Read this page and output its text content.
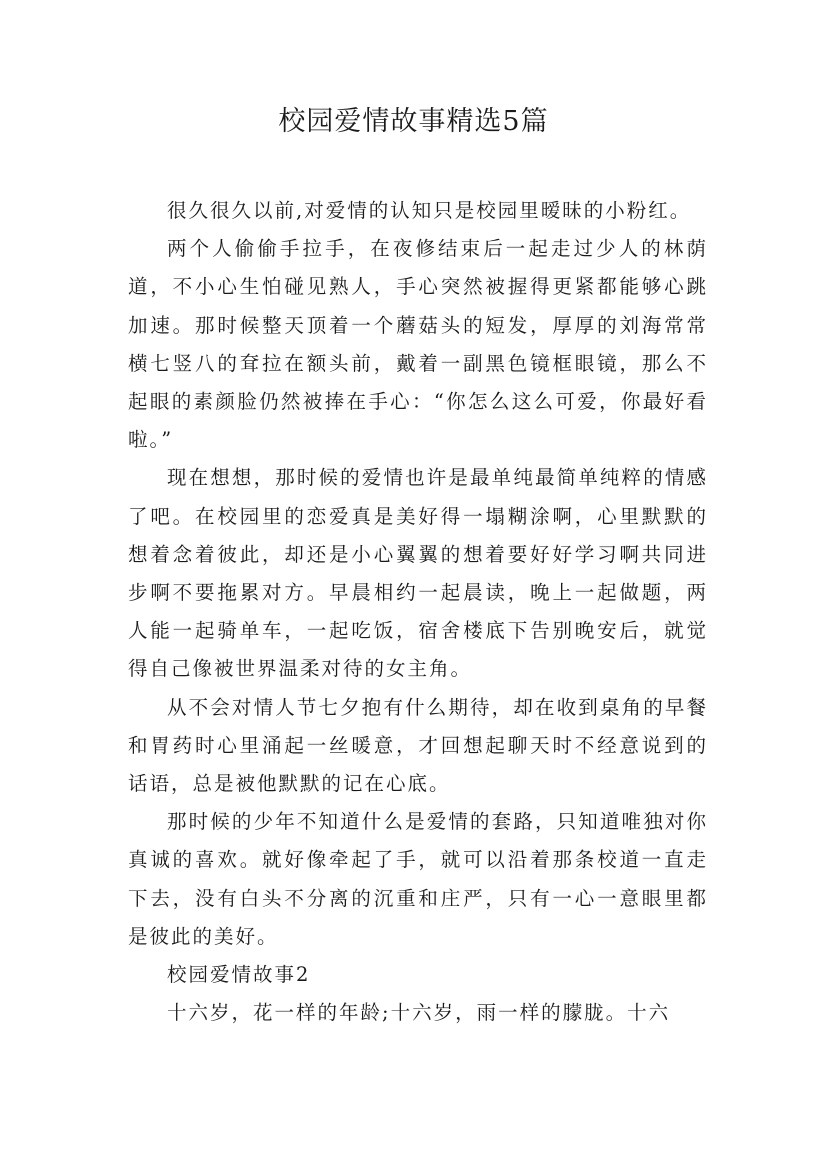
校园爱情故事精选5篇

很久很久以前,对爱情的认知只是校园里暧昧的小粉红。

两个人偷偷手拉手，在夜修结束后一起走过少人的林荫道，不小心生怕碰见熟人，手心突然被握得更紧都能够心跳加速。那时候整天顶着一个蘑菇头的短发，厚厚的刘海常常横七竖八的耷拉在额头前，戴着一副黑色镜框眼镜，那么不起眼的素颜脸仍然被捧在手心：“你怎么这么可爱，你最好看啦。”

现在想想，那时候的爱情也许是最单纯最简单纯粹的情感了吧。在校园里的恋爱真是美好得一塌糊涂啊，心里默默的想着念着彼此，却还是小心翼翼的想着要好好学习啊共同进步啊不要拖累对方。早晨相约一起晨读，晚上一起做题，两人能一起骑单车，一起吃饭，宿舍楼底下告别晚安后，就觉得自己像被世界温柔对待的女主角。

从不会对情人节七夕抱有什么期待，却在收到桌角的早餐和胃药时心里涌起一丝暖意，才回想起聊天时不经意说到的话语，总是被他默默的记在心底。

那时候的少年不知道什么是爱情的套路，只知道唯独对你真诚的喜欢。就好像牵起了手，就可以沿着那条校道一直走下去，没有白头不分离的沉重和庄严，只有一心一意眼里都是彼此的美好。

校园爱情故事2

十六岁，花一样的年龄;十六岁，雨一样的朦胧。十六
